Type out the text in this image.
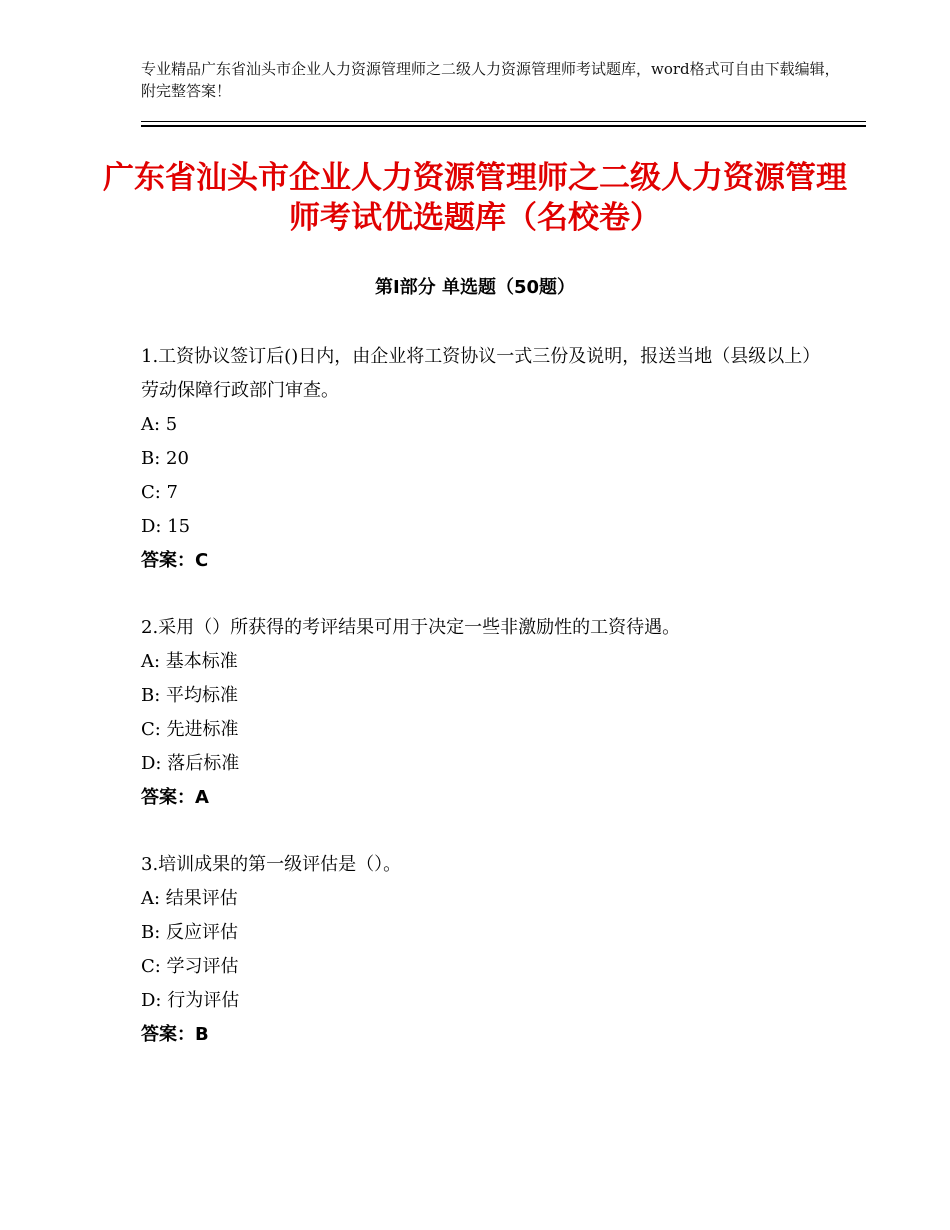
专业精品广东省汕头市企业人力资源管理师之二级人力资源管理师考试题库，word格式可自由下载编辑，附完整答案！
广东省汕头市企业人力资源管理师之二级人力资源管理师考试优选题库（名校卷）
第Ⅰ部分 单选题（50题）
1.工资协议签订后()日内，由企业将工资协议一式三份及说明，报送当地（县级以上）劳动保障行政部门审查。
A: 5
B: 20
C: 7
D: 15
答案：C
2.采用（）所获得的考评结果可用于决定一些非激励性的工资待遇。
A: 基本标准
B: 平均标准
C: 先进标准
D: 落后标准
答案：A
3.培训成果的第一级评估是（）。
A: 结果评估
B: 反应评估
C: 学习评估
D: 行为评估
答案：B
